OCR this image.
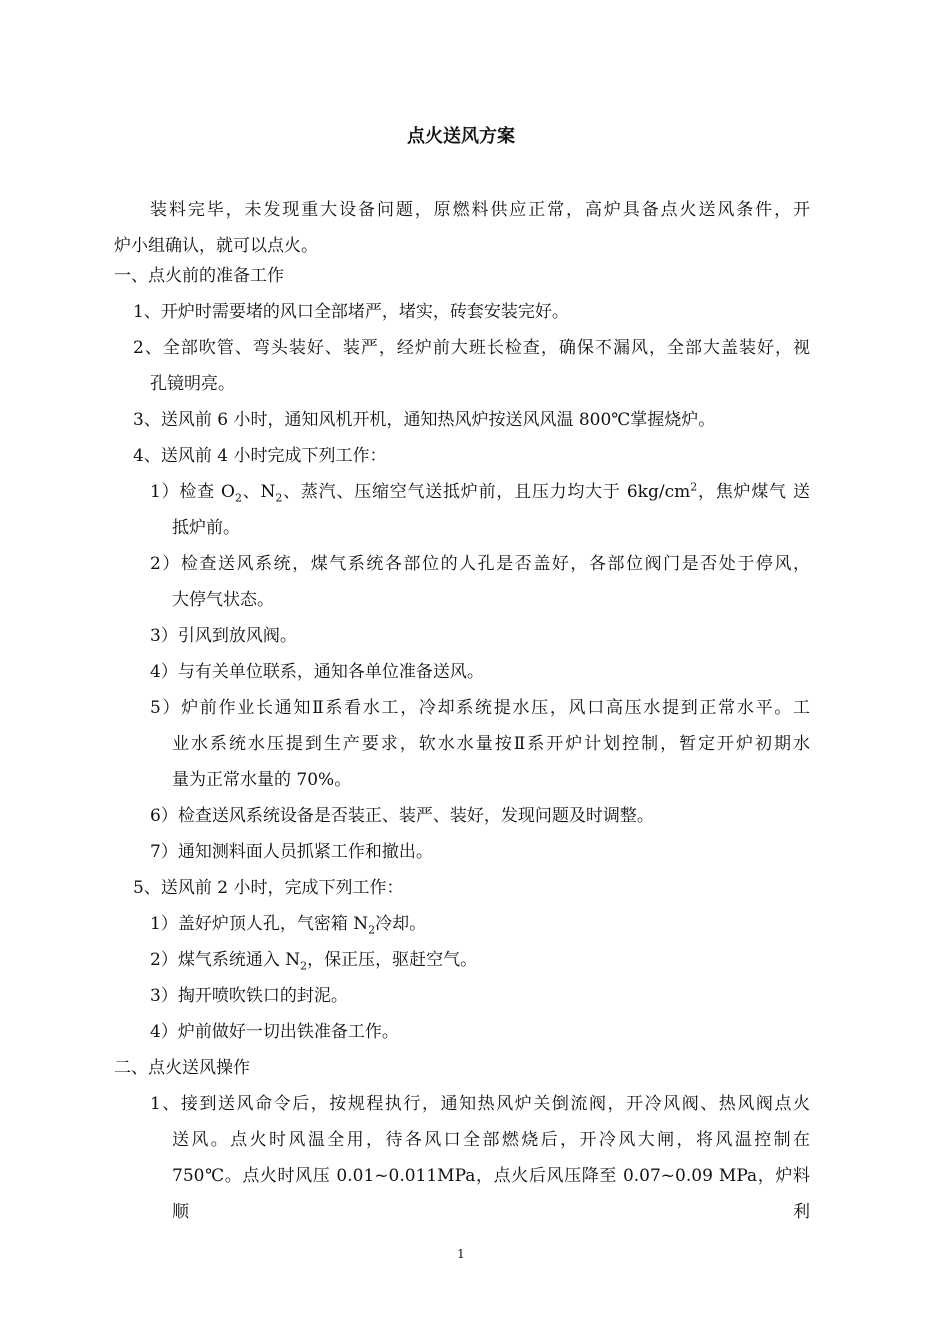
点火送风方案
装料完毕，未发现重大设备问题，原燃料供应正常，高炉具备点火送风条件，开
炉小组确认，就可以点火。
一、点火前的准备工作
1、开炉时需要堵的风口全部堵严，堵实，砖套安装完好。
2、全部吹管、弯头装好、装严，经炉前大班长检查，确保不漏风，全部大盖装好，视
孔镜明亮。
3、送风前 6 小时，通知风机开机，通知热风炉按送风风温 800℃掌握烧炉。
4、送风前 4 小时完成下列工作：
1）检查 $O_2$、$N_2$、蒸汽、压缩空气送抵炉前，且压力均大于 $6kg/cm^2$，焦炉煤气 送
抵炉前。
2）检查送风系统，煤气系统各部位的人孔是否盖好，各部位阀门是否处于停风，
大停气状态。
3）引风到放风阀。
4）与有关单位联系，通知各单位准备送风。
5）炉前作业长通知Ⅱ系看水工，冷却系统提水压，风口高压水提到正常水平。工
业水系统水压提到生产要求，软水水量按Ⅱ系开炉计划控制，暂定开炉初期水
量为正常水量的 70%。
6）检查送风系统设备是否装正、装严、装好，发现问题及时调整。
7）通知测料面人员抓紧工作和撤出。
5、送风前 2 小时，完成下列工作：
1）盖好炉顶人孔，气密箱 $N_2$冷却。
2）煤气系统通入 $N_2$，保正压，驱赶空气。
3）掏开喷吹铁口的封泥。
4）炉前做好一切出铁准备工作。
二、点火送风操作
1、接到送风命令后，按规程执行，通知热风炉关倒流阀，开冷风阀、热风阀点火
送风。点火时风温全用，待各风口全部燃烧后，开冷风大闸，将风温控制在
750℃。点火时风压 0.01~0.011MPa，点火后风压降至 0.07~0.09 MPa，炉料顺利
1
